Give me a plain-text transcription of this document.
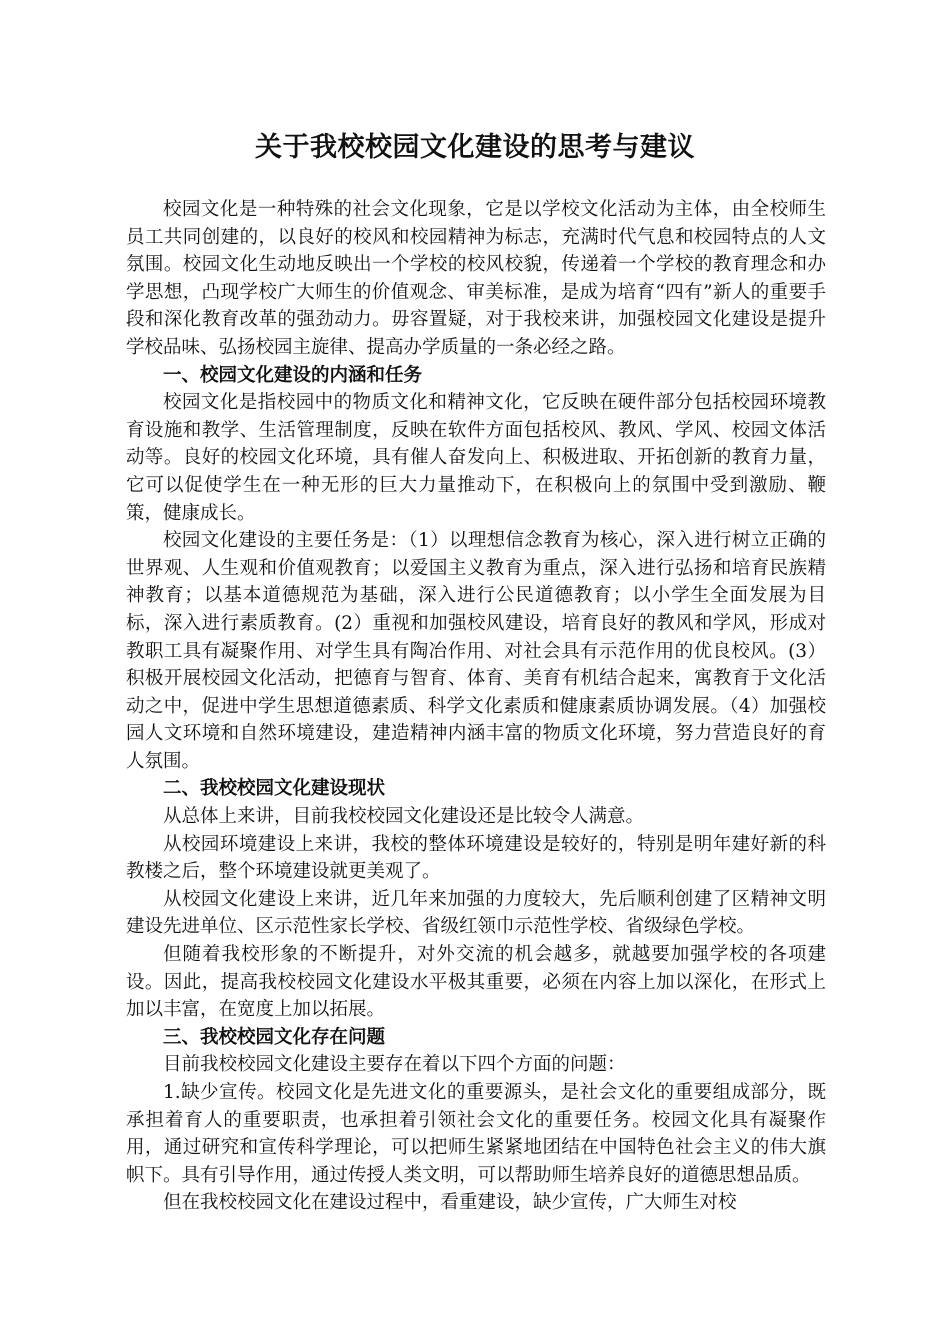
关于我校校园文化建设的思考与建议

校园文化是一种特殊的社会文化现象，它是以学校文化活动为主体，由全校师生员工共同创建的，以良好的校风和校园精神为标志，充满时代气息和校园特点的人文氛围。校园文化生动地反映出一个学校的校风校貌，传递着一个学校的教育理念和办学思想，凸现学校广大师生的价值观念、审美标准，是成为培育“四有”新人的重要手段和深化教育改革的强劲动力。毋容置疑，对于我校来讲，加强校园文化建设是提升学校品味、弘扬校园主旋律、提高办学质量的一条必经之路。

一、校园文化建设的内涵和任务

校园文化是指校园中的物质文化和精神文化，它反映在硬件部分包括校园环境教育设施和教学、生活管理制度，反映在软件方面包括校风、教风、学风、校园文体活动等。良好的校园文化环境，具有催人奋发向上、积极进取、开拓创新的教育力量，它可以促使学生在一种无形的巨大力量推动下，在积极向上的氛围中受到激励、鞭策，健康成长。

校园文化建设的主要任务是：（1）以理想信念教育为核心，深入进行树立正确的世界观、人生观和价值观教育；以爱国主义教育为重点，深入进行弘扬和培育民族精神教育；以基本道德规范为基础，深入进行公民道德教育；以小学生全面发展为目标，深入进行素质教育。(2）重视和加强校风建设，培育良好的教风和学风，形成对教职工具有凝聚作用、对学生具有陶冶作用、对社会具有示范作用的优良校风。(3）积极开展校园文化活动，把德育与智育、体育、美育有机结合起来，寓教育于文化活动之中，促进中学生思想道德素质、科学文化素质和健康素质协调发展。（4）加强校园人文环境和自然环境建设，建造精神内涵丰富的物质文化环境，努力营造良好的育人氛围。

二、我校校园文化建设现状

从总体上来讲，目前我校校园文化建设还是比较令人满意。

从校园环境建设上来讲，我校的整体环境建设是较好的，特别是明年建好新的科教楼之后，整个环境建设就更美观了。

从校园文化建设上来讲，近几年来加强的力度较大，先后顺利创建了区精神文明建设先进单位、区示范性家长学校、省级红领巾示范性学校、省级绿色学校。

但随着我校形象的不断提升，对外交流的机会越多，就越要加强学校的各项建设。因此，提高我校校园文化建设水平极其重要，必须在内容上加以深化，在形式上加以丰富，在宽度上加以拓展。

三、我校校园文化存在问题

目前我校校园文化建设主要存在着以下四个方面的问题：

1.缺少宣传。校园文化是先进文化的重要源头，是社会文化的重要组成部分，既承担着育人的重要职责，也承担着引领社会文化的重要任务。校园文化具有凝聚作用，通过研究和宣传科学理论，可以把师生紧紧地团结在中国特色社会主义的伟大旗帜下。具有引导作用，通过传授人类文明，可以帮助师生培养良好的道德思想品质。

但在我校校园文化在建设过程中，看重建设，缺少宣传，广大师生对校
